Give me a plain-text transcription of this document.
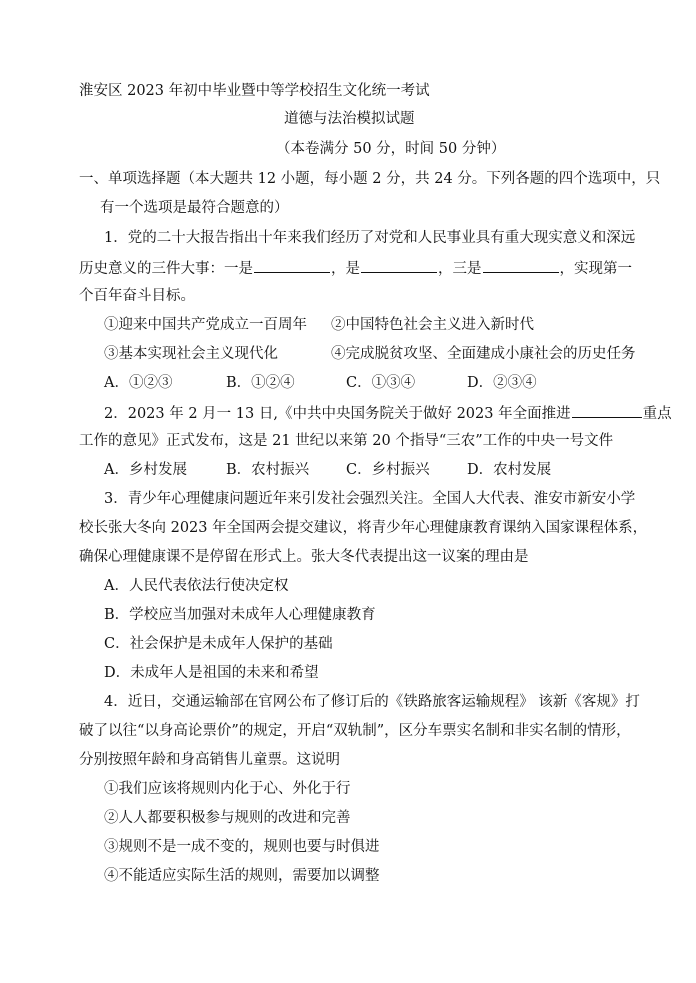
淮安区 2023 年初中毕业暨中等学校招生文化统一考试
道德与法治模拟试题
（本卷满分 50 分，时间 50 分钟）
一、单项选择题（本大题共 12 小题，每小题 2 分，共 24 分。下列各题的四个选项中，只
有一个选项是最符合题意的）
1．党的二十大报告指出十年来我们经历了对党和人民事业具有重大现实意义和深远
历史意义的三件大事：一是	，是	，三是	，实现第一
个百年奋斗目标。
①迎来中国共产党成立一百周年 ②中国特色社会主义进入新时代
③基本实现社会主义现代化	④完成脱贫攻坚、全面建成小康社会的历史任务
A．①②③	B．①②④	C．①③④	D．②③④
2．2023 年 2 月一 13 日,《中共中央国务院关于做好 2023 年全面推进	重点
工作的意见》正式发布，这是 21 世纪以来第 20 个指导“三农”工作的中央一号文件
A．乡村发展	B．农村振兴	C．乡村振兴	D．农村发展
3．青少年心理健康问题近年来引发社会强烈关注。全国人大代表、淮安市新安小学
校长张大冬向 2023 年全国两会提交建议，将青少年心理健康教育课纳入国家课程体系，
确保心理健康课不是停留在形式上。张大冬代表提出这一议案的理由是
A．人民代表依法行使决定权
B．学校应当加强对未成年人心理健康教育
C．社会保护是未成年人保护的基础
D．未成年人是祖国的未来和希望
4．近日，交通运输部在官网公布了修订后的《铁路旅客运输规程》 该新《客规》打
破了以往“以身高论票价”的规定，开启“双轨制”，区分车票实名制和非实名制的情形，
分别按照年龄和身高销售儿童票。这说明
①我们应该将规则内化于心、外化于行
②人人都要积极参与规则的改进和完善
③规则不是一成不变的，规则也要与时俱进
④不能适应实际生活的规则，需要加以调整
